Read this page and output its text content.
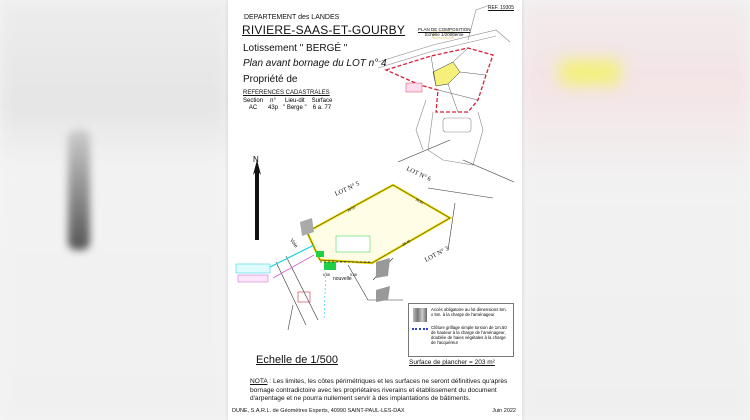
N
LOT N° 5
LOT N° 6
LOT N° 3
Voie
nouvelle
28.00
19.91
28.46
6.88	5.88
REF. 19305
DEPARTEMENT des LANDES
RIVIERE-SAAS-ET-GOURBY
Lotissement " BERGÉ "
Plan avant bornage du LOT n° 4
Propriété de
REFERENCES CADASTRALES
Section	n°	Lieu-dit	Surface
AC	43p	" Berge "	6 a. 77
PLAN DE COMPOSITION
Echelle 1/2000ème
Accès obligatoire au lot dimensions 5m. x 5m. à la charge de l'aménageur
Clôture grillage simple torsion de 1m.50 de hauteur à la charge de l'aménageur, doublée de haies végétales à la charge de l'acquéreur
Echelle de 1/500	Surface de plancher = 203 m²
NOTA : Les limites, les côtes périmétriques et les surfaces ne seront définitives qu'après bornage contradictoire avec les propriétaires riverains et établissement du document d'arpentage et ne pourra nullement servir à des implantations de bâtiments.
DUNE, S.A.R.L. de Géomètres Experts, 40990 SAINT-PAUL-LES-DAX	Juin 2022
